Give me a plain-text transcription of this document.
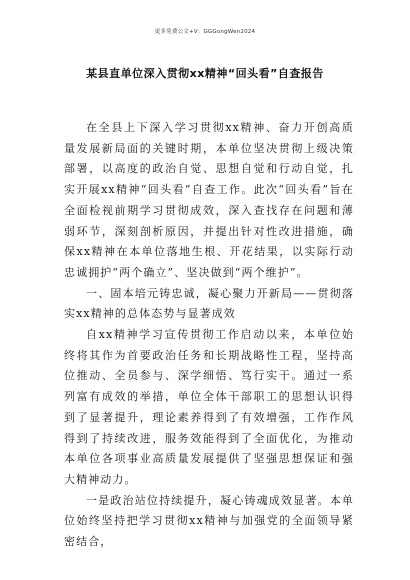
更多免费公文+V：GGGongWen2024
某县直单位深入贯彻xx精神“回头看”自查报告

在全县上下深入学习贯彻xx精神、奋力开创高质量发展新局面的关键时期，本单位坚决贯彻上级决策部署，以高度的政治自觉、思想自觉和行动自觉，扎实开展xx精神“回头看”自查工作。此次“回头看”旨在全面检视前期学习贯彻成效，深入查找存在问题和薄弱环节，深刻剖析原因，并提出针对性改进措施，确保xx精神在本单位落地生根、开花结果，以实际行动忠诚拥护“两个确立”、坚决做到“两个维护”。

一、固本培元铸忠诚，凝心聚力开新局——贯彻落实xx精神的总体态势与显著成效

自xx精神学习宣传贯彻工作启动以来，本单位始终将其作为首要政治任务和长期战略性工程，坚持高位推动、全员参与、深学细悟、笃行实干。通过一系列富有成效的举措，单位全体干部职工的思想认识得到了显著提升，理论素养得到了有效增强，工作作风得到了持续改进，服务效能得到了全面优化，为推动本单位各项事业高质量发展提供了坚强思想保证和强大精神动力。

一是政治站位持续提升，凝心铸魂成效显著。本单位始终坚持把学习贯彻xx精神与加强党的全面领导紧密结合，
